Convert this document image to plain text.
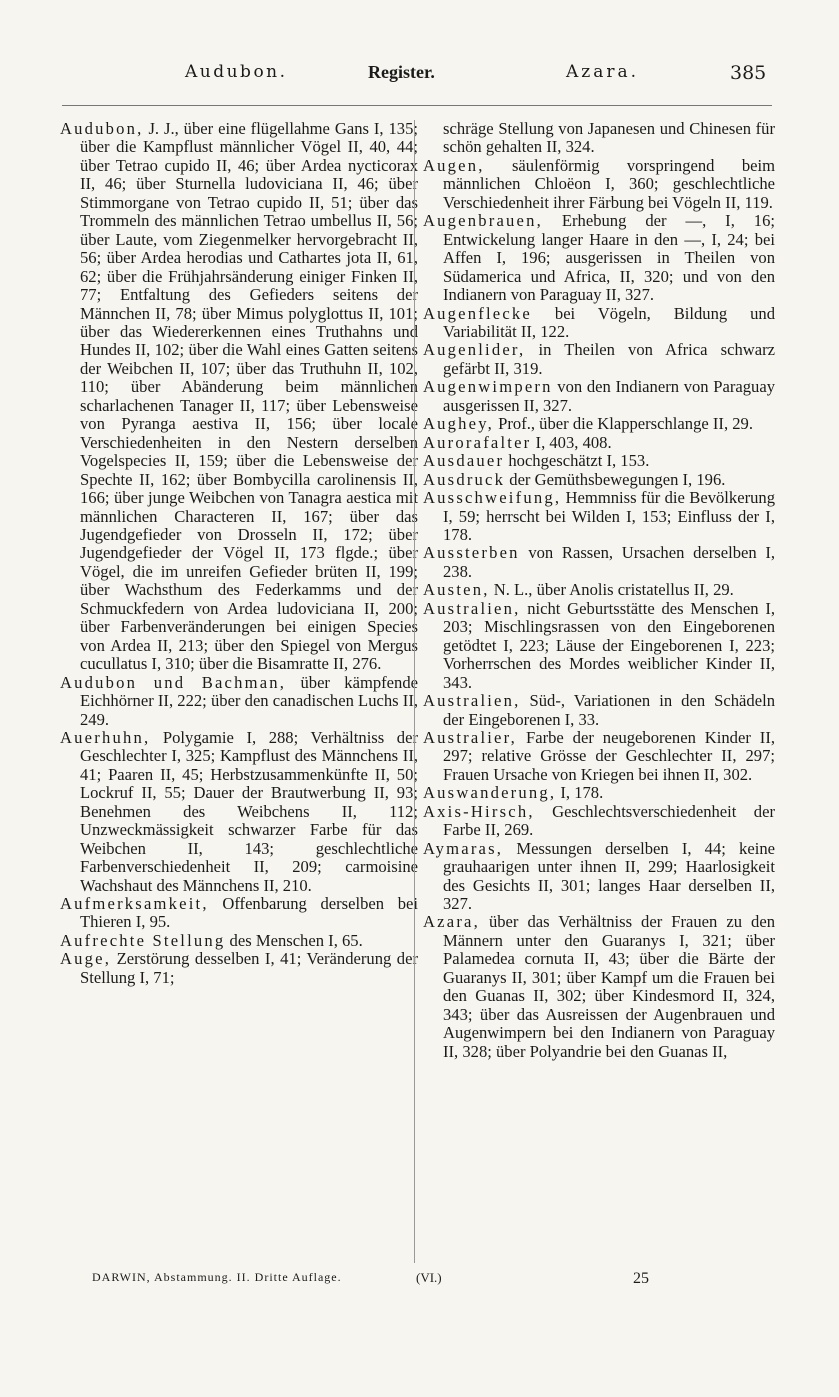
Audubon.	Register.	Azara.	385

Audubon, J. J., über eine flügellahme Gans I, 135; über die Kampflust männlicher Vögel II, 40, 44; über Tetrao cupido II, 46; über Ardea nycticorax II, 46; über Sturnella ludoviciana II, 46; über Stimmorgane von Tetrao cupido II, 51; über das Trommeln des männlichen Tetrao umbellus II, 56; über Laute, vom Ziegenmelker hervorgebracht II, 56; über Ardea herodias und Cathartes jota II, 61, 62; über die Frühjahrsänderung einiger Finken II, 77; Entfaltung des Gefieders seitens der Männchen II, 78; über Mimus polyglottus II, 101; über das Wiedererkennen eines Truthahns und Hundes II, 102; über die Wahl eines Gatten seitens der Weibchen II, 107; über das Truthuhn II, 102, 110; über Abänderung beim männlichen scharlachenen Tanager II, 117; über Lebensweise von Pyranga aestiva II, 156; über locale Verschiedenheiten in den Nestern derselben Vogelspecies II, 159; über die Lebensweise der Spechte II, 162; über Bombycilla carolinensis II, 166; über junge Weibchen von Tanagra aestica mit männlichen Characteren II, 167; über das Jugendgefieder von Drosseln II, 172; über Jugendgefieder der Vögel II, 173 flgde.; über Vögel, die im unreifen Gefieder brüten II, 199; über Wachsthum des Federkamms und der Schmuckfedern von Ardea ludoviciana II, 200; über Farbenveränderungen bei einigen Species von Ardea II, 213; über den Spiegel von Mergus cucullatus I, 310; über die Bisamratte II, 276.

Audubon und Bachman, über kämpfende Eichhörner II, 222; über den canadischen Luchs II, 249.

Auerhuhn, Polygamie I, 288; Verhältniss der Geschlechter I, 325; Kampflust des Männchens II, 41; Paaren II, 45; Herbstzusammenkünfte II, 50; Lockruf II, 55; Dauer der Brautwerbung II, 93; Benehmen des Weibchens II, 112; Unzweckmässigkeit schwarzer Farbe für das Weibchen II, 143; geschlechtliche Farbenverschiedenheit II, 209; carmoisine Wachshaut des Männchens II, 210.

Aufmerksamkeit, Offenbarung derselben bei Thieren I, 95.

Aufrechte Stellung des Menschen I, 65.

Auge, Zerstörung desselben I, 41; Veränderung der Stellung I, 71;

schräge Stellung von Japanesen und Chinesen für schön gehalten II, 324.

Augen, säulenförmig vorspringend beim männlichen Chloëon I, 360; geschlechtliche Verschiedenheit ihrer Färbung bei Vögeln II, 119.

Augenbrauen, Erhebung der —, I, 16; Entwickelung langer Haare in den —, I, 24; bei Affen I, 196; ausgerissen in Theilen von Südamerica und Africa, II, 320; und von den Indianern von Paraguay II, 327.

Augenflecke bei Vögeln, Bildung und Variabilität II, 122.

Augenlider, in Theilen von Africa schwarz gefärbt II, 319.

Augenwimpern von den Indianern von Paraguay ausgerissen II, 327.

Aughey, Prof., über die Klapperschlange II, 29.

Aurorafalter I, 403, 408.

Ausdauer hochgeschätzt I, 153.

Ausdruck der Gemüthsbewegungen I, 196.

Ausschweifung, Hemmniss für die Bevölkerung I, 59; herrscht bei Wilden I, 153; Einfluss der I, 178.

Aussterben von Rassen, Ursachen derselben I, 238.

Austen, N. L., über Anolis cristatellus II, 29.

Australien, nicht Geburtsstätte des Menschen I, 203; Mischlingsrassen von den Eingeborenen getödtet I, 223; Läuse der Eingeborenen I, 223; Vorherrschen des Mordes weiblicher Kinder II, 343.

Australien, Süd-, Variationen in den Schädeln der Eingeborenen I, 33.

Australier, Farbe der neugeborenen Kinder II, 297; relative Grösse der Geschlechter II, 297; Frauen Ursache von Kriegen bei ihnen II, 302.

Auswanderung, I, 178.

Axis-Hirsch, Geschlechtsverschiedenheit der Farbe II, 269.

Aymaras, Messungen derselben I, 44; keine grauhaarigen unter ihnen II, 299; Haarlosigkeit des Gesichts II, 301; langes Haar derselben II, 327.

Azara, über das Verhältniss der Frauen zu den Männern unter den Guaranys I, 321; über Palamedea cornuta II, 43; über die Bärte der Guaranys II, 301; über Kampf um die Frauen bei den Guanas II, 302; über Kindesmord II, 324, 343; über das Ausreissen der Augenbrauen und Augenwimpern bei den Indianern von Paraguay II, 328; über Polyandrie bei den Guanas II,

DARWIN, Abstammung. II. Dritte Auflage.	(VI.)	25
